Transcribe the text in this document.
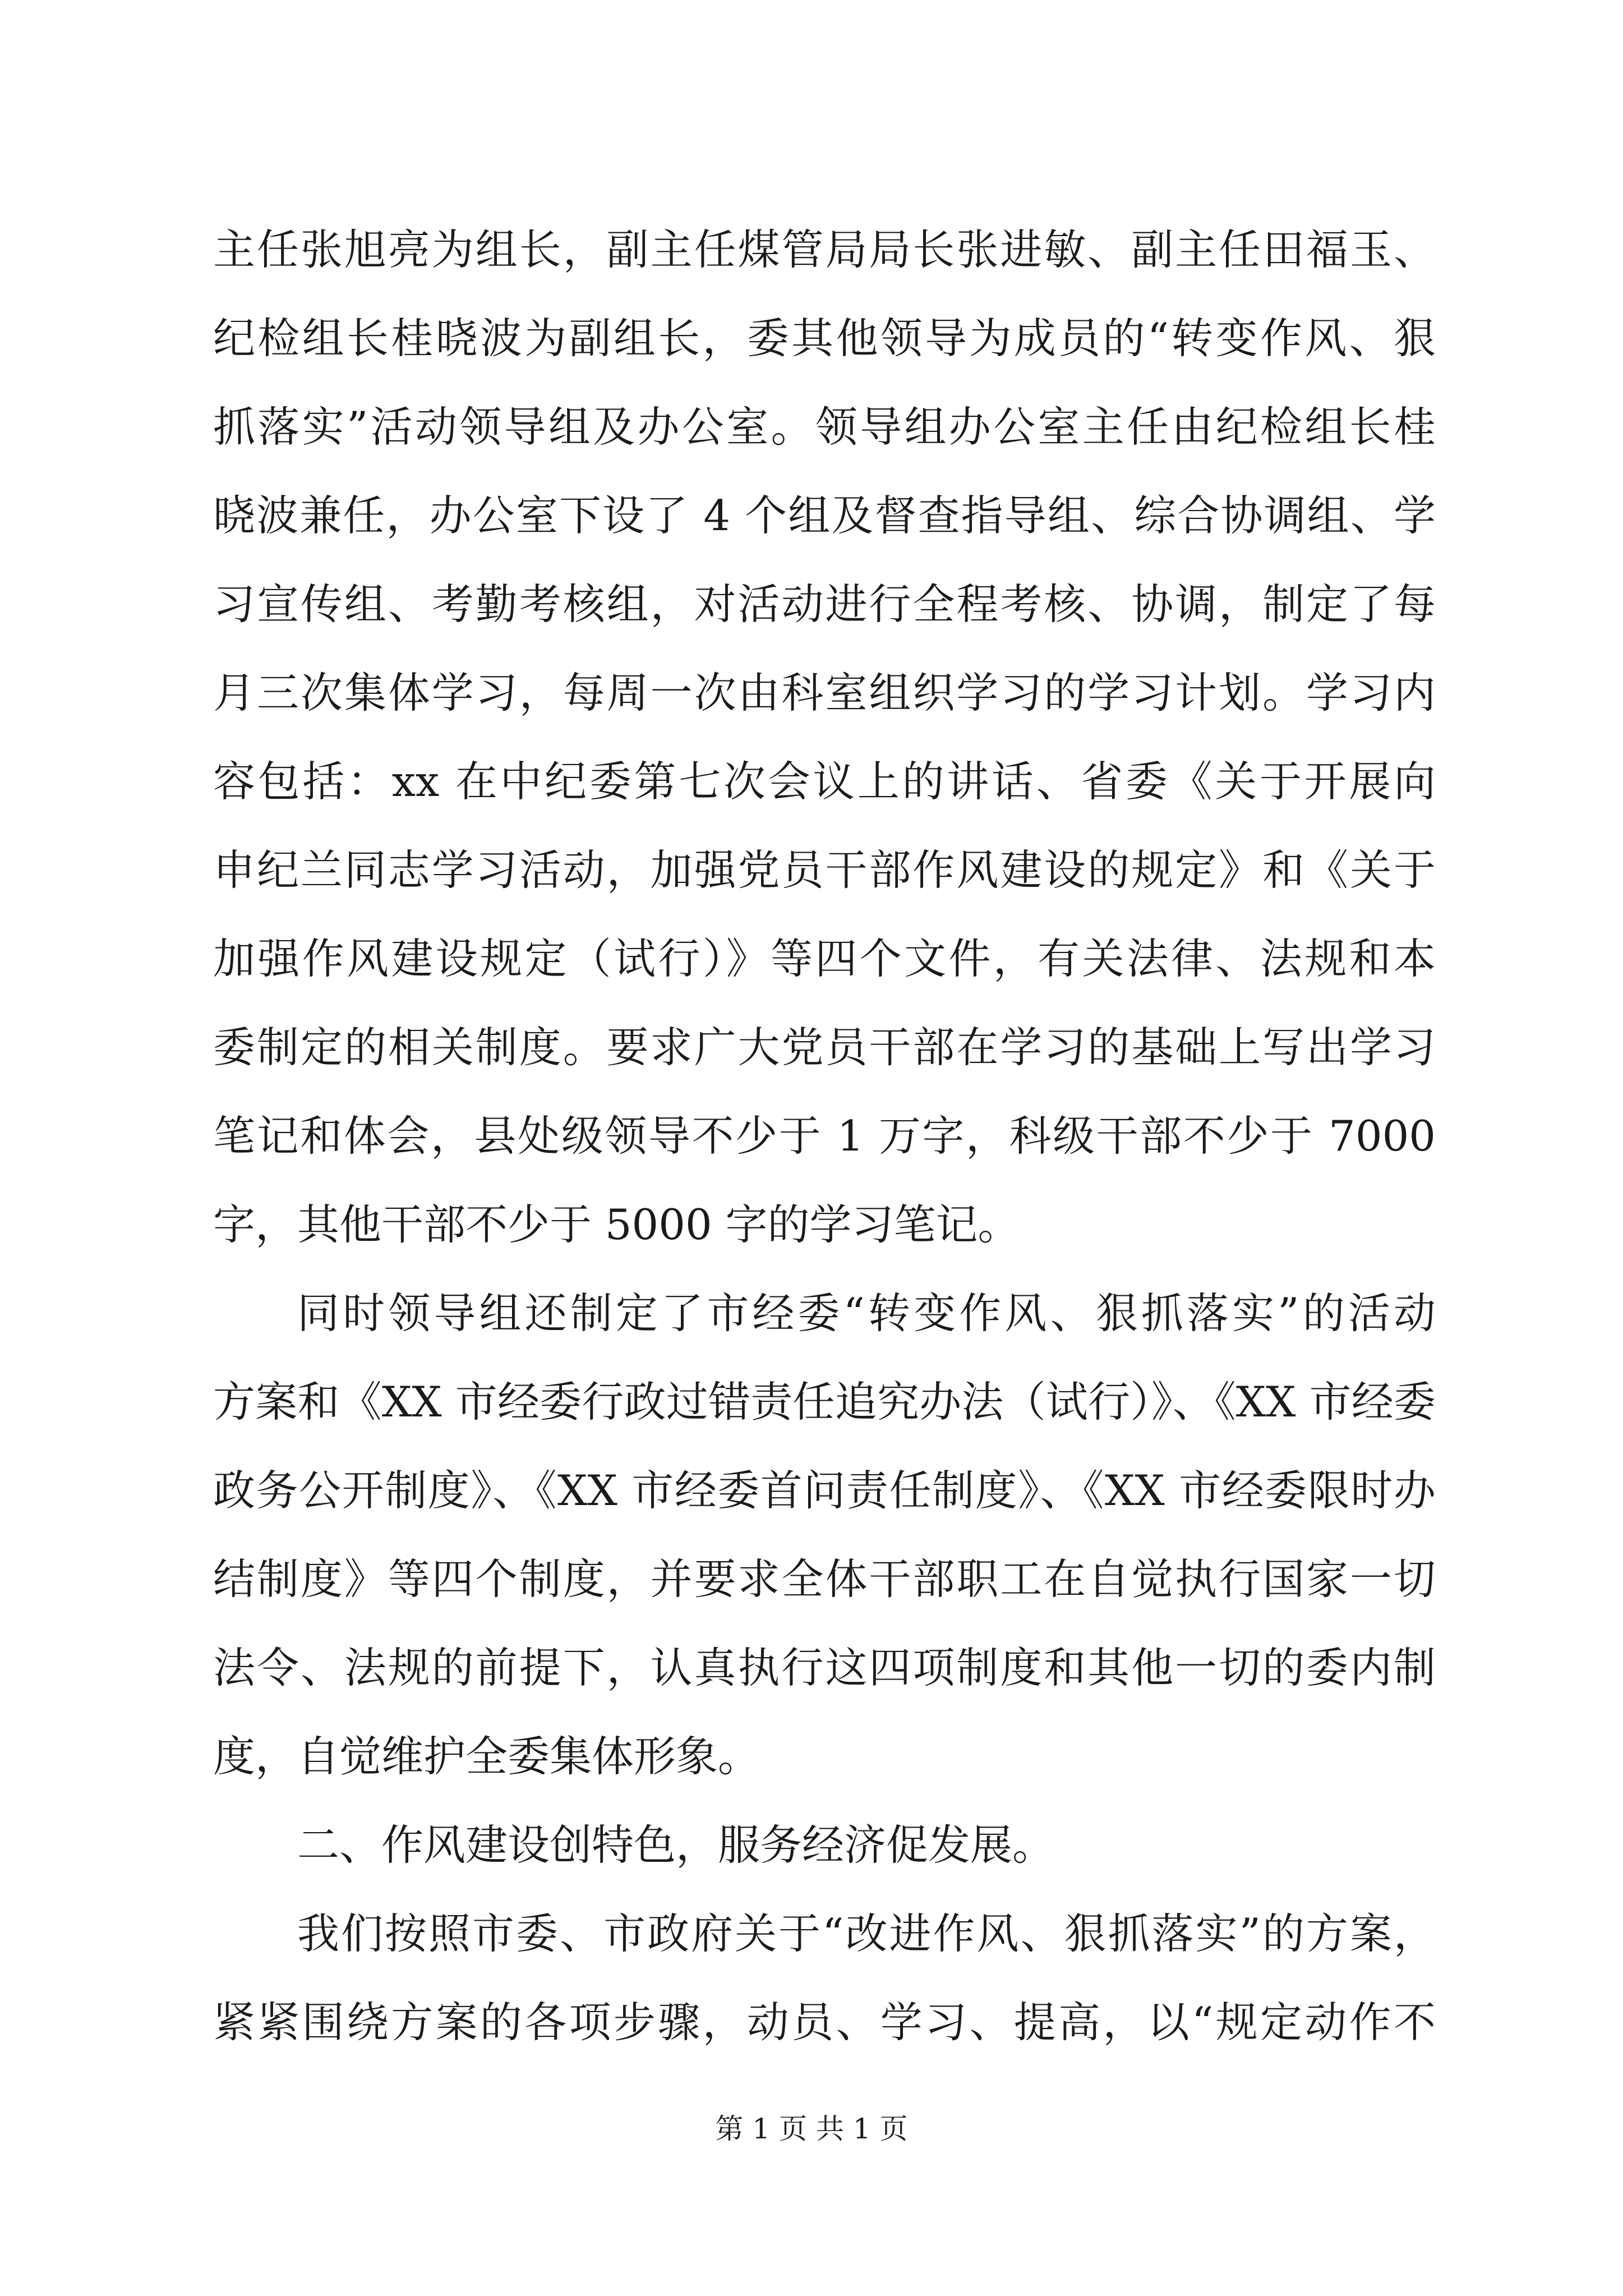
主任张旭亮为组长，副主任煤管局局长张进敏、副主任田福玉、
纪检组长桂晓波为副组长，委其他领导为成员的“转变作风、狠
抓落实”活动领导组及办公室。领导组办公室主任由纪检组长桂
晓波兼任，办公室下设了 4 个组及督查指导组、综合协调组、学
习宣传组、考勤考核组，对活动进行全程考核、协调，制定了每
月三次集体学习，每周一次由科室组织学习的学习计划。学习内
容包括：xx 在中纪委第七次会议上的讲话、省委《关于开展向
申纪兰同志学习活动，加强党员干部作风建设的规定》和《关于
加强作风建设规定（试行）》等四个文件，有关法律、法规和本
委制定的相关制度。要求广大党员干部在学习的基础上写出学习
笔记和体会，县处级领导不少于 1 万字，科级干部不少于 7000
字，其他干部不少于 5000 字的学习笔记。
同时领导组还制定了市经委“转变作风、狠抓落实”的活动
方案和《XX 市经委行政过错责任追究办法（试行）》、《XX 市经委
政务公开制度》、《XX 市经委首问责任制度》、《XX 市经委限时办
结制度》等四个制度，并要求全体干部职工在自觉执行国家一切
法令、法规的前提下，认真执行这四项制度和其他一切的委内制
度，自觉维护全委集体形象。
二、作风建设创特色，服务经济促发展。
我们按照市委、市政府关于“改进作风、狠抓落实”的方案，
紧紧围绕方案的各项步骤，动员、学习、提高，以“规定动作不
第 1 页 共 1 页
